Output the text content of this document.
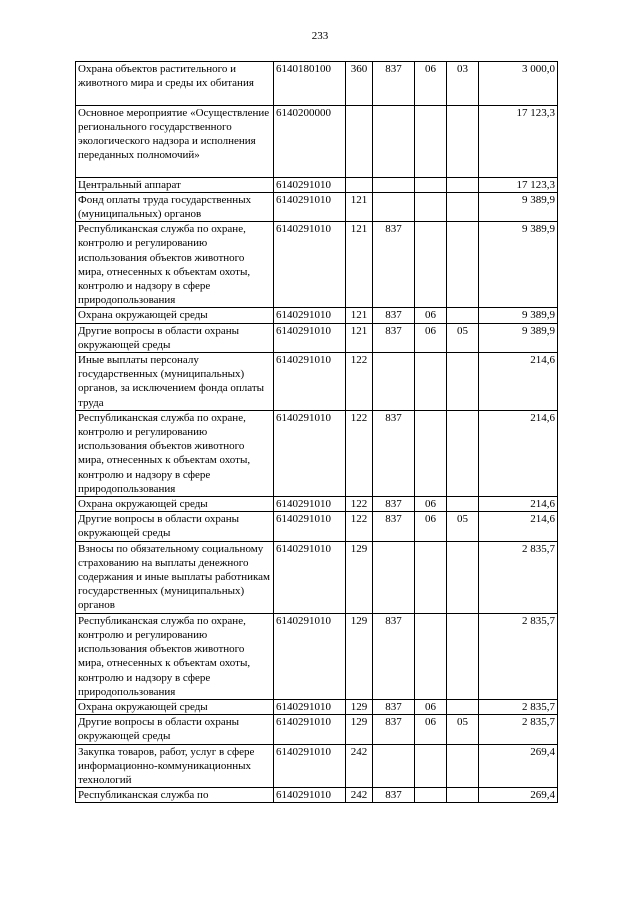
233
Охрана объектов растительного и животного мира и среды их обитания	6140180100	360	837	06	03	3 000,0
Основное мероприятие «Осуществление регионального государственного экологического надзора и исполнения переданных полномочий»	6140200000					17 123,3
Центральный аппарат	6140291010					17 123,3
Фонд оплаты труда государственных (муниципальных) органов	6140291010	121				9 389,9
Республиканская служба по охране, контролю и регулированию использования объектов животного мира, отнесенных к объектам охоты, контролю и надзору в сфере природопользования	6140291010	121	837			9 389,9
Охрана окружающей среды	6140291010	121	837	06		9 389,9
Другие вопросы в области охраны окружающей среды	6140291010	121	837	06	05	9 389,9
Иные выплаты персоналу государственных (муниципальных) органов, за исключением фонда оплаты труда	6140291010	122				214,6
Республиканская служба по охране, контролю и регулированию использования объектов животного мира, отнесенных к объектам охоты, контролю и надзору в сфере природопользования	6140291010	122	837			214,6
Охрана окружающей среды	6140291010	122	837	06		214,6
Другие вопросы в области охраны окружающей среды	6140291010	122	837	06	05	214,6
Взносы по обязательному социальному страхованию на выплаты денежного содержания и иные выплаты работникам государственных (муниципальных) органов	6140291010	129				2 835,7
Республиканская служба по охране, контролю и регулированию использования объектов животного мира, отнесенных к объектам охоты, контролю и надзору в сфере природопользования	6140291010	129	837			2 835,7
Охрана окружающей среды	6140291010	129	837	06		2 835,7
Другие вопросы в области охраны окружающей среды	6140291010	129	837	06	05	2 835,7
Закупка товаров, работ, услуг в сфере информационно-коммуникационных технологий	6140291010	242				269,4
Республиканская служба по	6140291010	242	837			269,4
